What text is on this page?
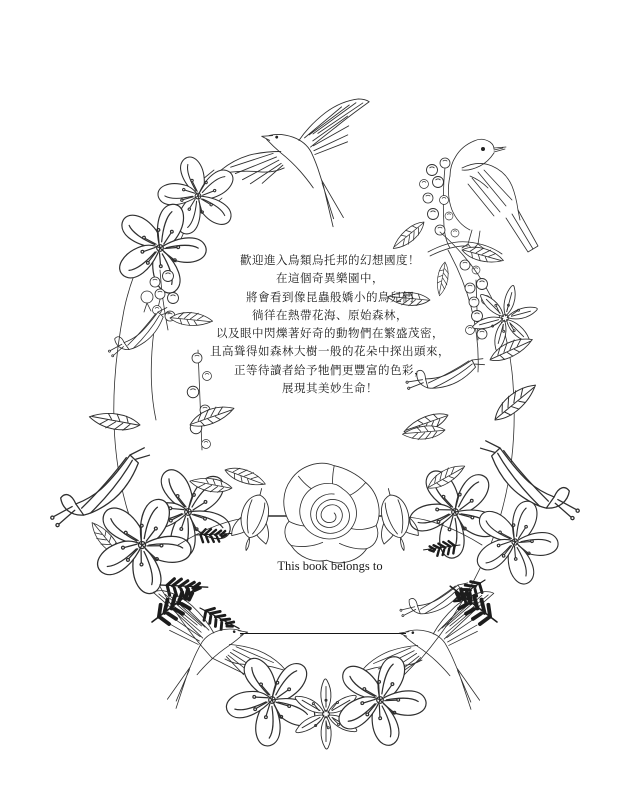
歡迎進入鳥類烏托邦的幻想國度！
在這個奇異樂園中，
將會看到像昆蟲般嬌小的鳥兒們
徜徉在熱帶花海、原始森林，
以及眼中閃爍著好奇的動物們在繁盛茂密，
且高聳得如森林大樹一般的花朵中探出頭來，
正等待讀者給予牠們更豐富的色彩，
展現其美妙生命！
This book belongs to
